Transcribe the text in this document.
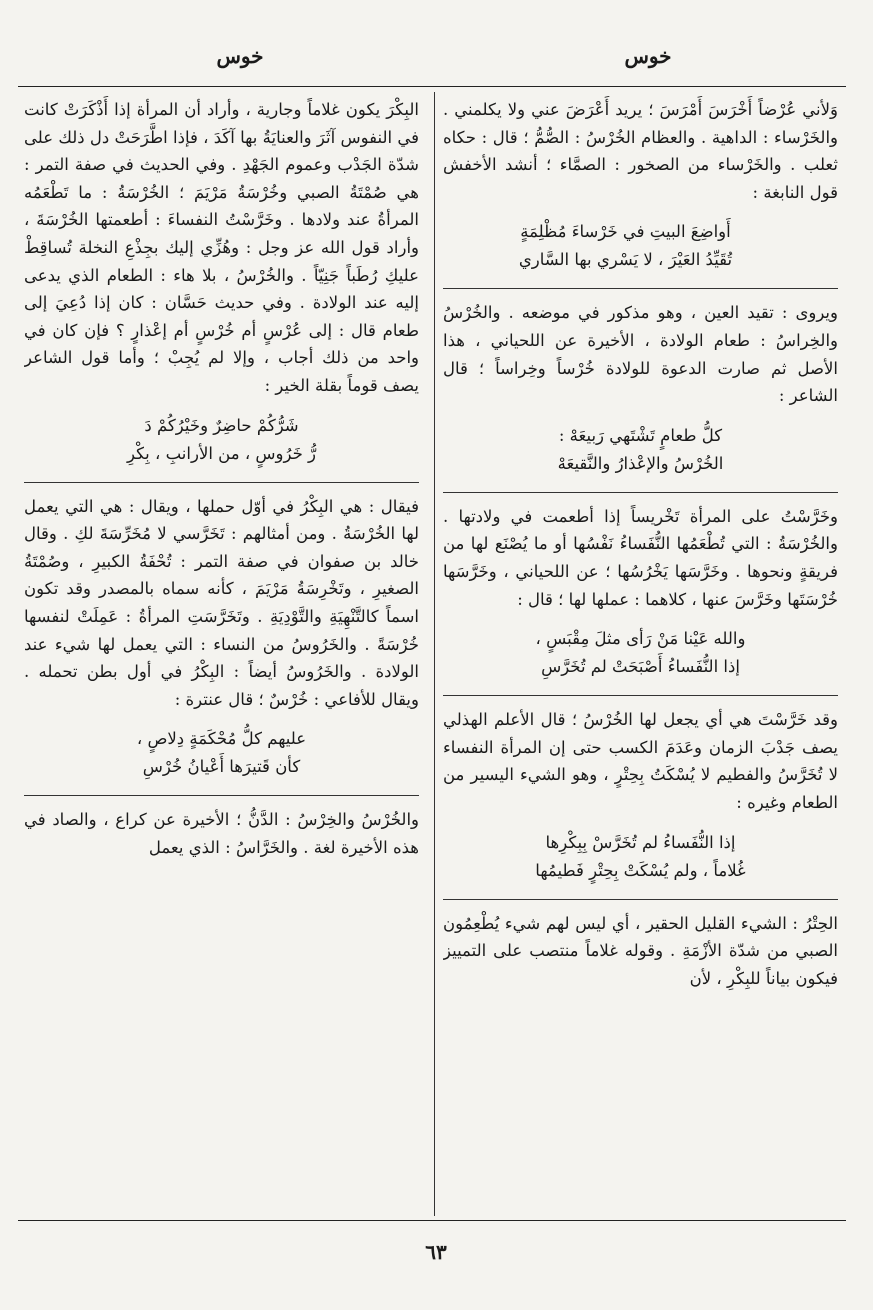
خوس
خوس

وَلأني عُرْضاً أَخْرَسَ أَمْرَسَ ؛ يريد أَعْرَضَ عني ولا يكلمني . والخَرْساء : الداهية . والعظام الخُرْسُ : الصُّمُّ ؛ قال : حكاه ثعلب . والخَرْساء من الصخور : الصمَّاء ؛ أنشد الأخفش قول النابغة :

أَواضِعَ البيتِ في خَرْساءَ مُظْلِمَةٍ
تُقَيِّدُ العَيْرَ ، لا يَسْري بها السَّاري

ويروى : تقيد العين ، وهو مذكور في موضعه . والخُرْسُ والخِراسُ : طعام الولادة ، الأخيرة عن اللحياني ، هذا الأصل ثم صارت الدعوة للولادة خُرْساً وخِراساً ؛ قال الشاعر :

كلُّ طعامٍ تَشْتَهي رَبيعَهْ :
الخُرْسُ والإعْذارُ والنَّقيعَهْ

وخَرَّسْتُ على المرأة تَخْريساً إذا أطعمت في ولادتها . والخُرْسَةُ : التي تُطْعَمُها النُّفَساءُ نَفْسُها أو ما يُصْنَع لها من فريقةٍ ونحوها . وخَرَّسَها يَخْرُسُها ؛ عن اللحياني ، وخَرَّسَها خُرْسَتَها وخَرَّسَ عنها ، كلاهما : عملها لها ؛ قال :

والله عَيْنا مَنْ رَأى مثلَ مِقْبَسٍ ،
إذا النُّفَساءُ أَصْبَحَتْ لم تُخَرَّسِ

وقد خَرَّسْتَ هي أي يجعل لها الخُرْسُ ؛ قال الأعلم الهذلي يصف جَدْبَ الزمان وعَدَمَ الكسب حتى إن المرأة النفساء لا تُخَرَّسُ والفطيم لا يُسْكَتُ بِحِتْرٍ ، وهو الشيء اليسير من الطعام وغيره :

إذا النُّفَساءُ لم تُخَرَّسْ بِبِكْرِها
غُلاماً ، ولم يُسْكَتْ بِحِتْرٍ فَطيمُها

الحِتْرُ : الشيء القليل الحقير ، أي ليس لهم شيء يُطْعِمُون الصبي من شدّة الأزْمَةِ . وقوله غلاماً منتصب على التمييز فيكون بياناً للبِكْرِ ، لأن

البِكْرَ يكون غلاماً وجارية ، وأراد أن المرأة إذا أَذْكَرَتْ كانت في النفوس آثَرَ والعنايَةُ بها آكَدَ ، فإذا اطَّرَحَتْ دل ذلك على شدّة الجَدْب وعموم الجَهْدِ . وفي الحديث في صفة التمر : هي صُمْتَةُ الصبي وخُرْسَةُ مَرْيَمَ ؛ الخُرْسَةُ : ما تَطْعَمُه المرأةُ عند ولادها . وخَرَّسْتُ النفساءَ : أطعمتها الخُرْسَةَ ، وأراد قول الله عز وجل : وهُزِّي إليك بجِذْعِ النخلة تُساقِطْ عليكِ رُطَباً جَنِيّاً . والخُرْسُ ، بلا هاء : الطعام الذي يدعى إليه عند الولادة . وفي حديث حَسَّان : كان إذا دُعِيَ إلى طعام قال : إلى عُرْسٍ أم خُرْسٍ أم إعْذارٍ ؟ فإن كان في واحد من ذلك أجاب ، وإلا لم يُجِبْ ؛ وأما قول الشاعر يصف قوماً بقلة الخير :

شَرُّكُمْ حاضِرٌ وخَيْرُكُمْ دَ
رُّ خَرُوسٍ ، من الأرانبِ ، بِكْرِ

فيقال : هي البِكْرُ في أوّل حملها ، ويقال : هي التي يعمل لها الخُرْسَةُ . ومن أمثالهم : تَخَرَّسي لا مُخَرِّسَةَ لكِ . وقال خالد بن صفوان في صفة التمر : تُحْفَةُ الكبيرِ ، وصُمْتَةُ الصغيرِ ، وتَخْرِسَةُ مَرْيَمَ ، كأنه سماه بالمصدر وقد تكون اسماً كالتَّنْهِيَةِ والتَّوْدِيَةِ . وتَخَرَّسَتِ المرأةُ : عَمِلَتْ لنفسها خُرْسَةً . والخَرُوسُ من النساء : التي يعمل لها شيء عند الولادة . والخَرُوسُ أيضاً : البِكْرُ في أول بطن تحمله . ويقال للأفاعي : خُرْسٌ ؛ قال عنترة :

عليهم كلُّ مُحْكَمَةٍ دِلاصٍ ،
كأن قَتيرَها أَعْيانُ خُرْسِ

والخُرْسُ والخِرْسُ : الدَّنُّ ؛ الأخيرة عن كراع ، والصاد في هذه الأخيرة لغة . والخَرَّاسُ : الذي يعمل

٦٣
